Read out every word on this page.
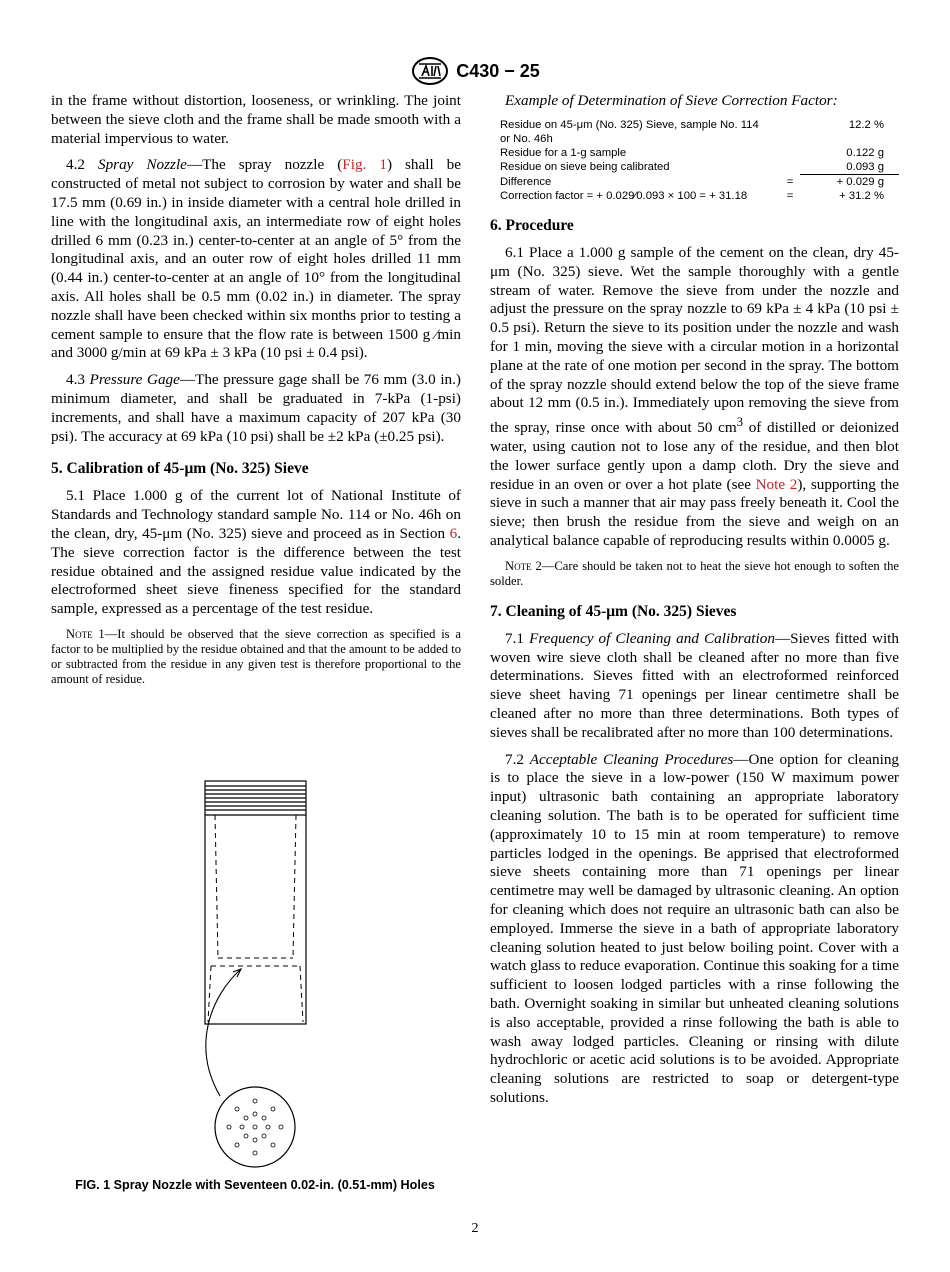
C430 − 25

in the frame without distortion, looseness, or wrinkling. The joint between the sieve cloth and the frame shall be made smooth with a material impervious to water.

4.2 Spray Nozzle—The spray nozzle (Fig. 1) shall be constructed of metal not subject to corrosion by water and shall be 17.5 mm (0.69 in.) in inside diameter with a central hole drilled in line with the longitudinal axis, an intermediate row of eight holes drilled 6 mm (0.23 in.) center-to-center at an angle of 5° from the longitudinal axis, and an outer row of eight holes drilled 11 mm (0.44 in.) center-to-center at an angle of 10° from the longitudinal axis. All holes shall be 0.5 mm (0.02 in.) in diameter. The spray nozzle shall have been checked within six months prior to testing a cement sample to ensure that the flow rate is between 1500 g ⁄min and 3000 g/min at 69 kPa ± 3 kPa (10 psi ± 0.4 psi).

4.3 Pressure Gage—The pressure gage shall be 76 mm (3.0 in.) minimum diameter, and shall be graduated in 7-kPa (1-psi) increments, and shall have a maximum capacity of 207 kPa (30 psi). The accuracy at 69 kPa (10 psi) shall be ±2 kPa (±0.25 psi).

5. Calibration of 45-μm (No. 325) Sieve

5.1 Place 1.000 g of the current lot of National Institute of Standards and Technology standard sample No. 114 or No. 46h on the clean, dry, 45-μm (No. 325) sieve and proceed as in Section 6. The sieve correction factor is the difference between the test residue obtained and the assigned residue value indicated by the electroformed sheet sieve fineness specified for the standard sample, expressed as a percentage of the test residue.

Note 1—It should be observed that the sieve correction as specified is a factor to be multiplied by the residue obtained and that the amount to be added to or subtracted from the residue in any given test is therefore proportional to the amount of residue.

FIG. 1 Spray Nozzle with Seventeen 0.02-in. (0.51-mm) Holes
Example of Determination of Sieve Correction Factor:
Residue on 45-μm (No. 325) Sieve, sample No. 114		12.2 %
or No. 46h		
Residue for a 1-g sample		0.122 g
Residue on sieve being calibrated		0.093 g
Difference	=	+ 0.029 g
Correction factor = + 0.029⁄0.093 × 100 = + 31.18	=	+ 31.2 %
6. Procedure

6.1 Place a 1.000 g sample of the cement on the clean, dry 45-μm (No. 325) sieve. Wet the sample thoroughly with a gentle stream of water. Remove the sieve from under the nozzle and adjust the pressure on the spray nozzle to 69 kPa ± 4 kPa (10 psi ± 0.5 psi). Return the sieve to its position under the nozzle and wash for 1 min, moving the sieve with a circular motion in a horizontal plane at the rate of one motion per second in the spray. The bottom of the spray nozzle should extend below the top of the sieve frame about 12 mm (0.5 in.). Immediately upon removing the sieve from the spray, rinse once with about 50 $cm^3$ of distilled or deionized water, using caution not to lose any of the residue, and then blot the lower surface gently upon a damp cloth. Dry the sieve and residue in an oven or over a hot plate (see Note 2), supporting the sieve in such a manner that air may pass freely beneath it. Cool the sieve; then brush the residue from the sieve and weigh on an analytical balance capable of reproducing results within 0.0005 g.

Note 2—Care should be taken not to heat the sieve hot enough to soften the solder.

7. Cleaning of 45-μm (No. 325) Sieves

7.1 Frequency of Cleaning and Calibration—Sieves fitted with woven wire sieve cloth shall be cleaned after no more than five determinations. Sieves fitted with an electroformed reinforced sieve sheet having 71 openings per linear centimetre shall be cleaned after no more than three determinations. Both types of sieves shall be recalibrated after no more than 100 determinations.

7.2 Acceptable Cleaning Procedures—One option for cleaning is to place the sieve in a low-power (150 W maximum power input) ultrasonic bath containing an appropriate laboratory cleaning solution. The bath is to be operated for sufficient time (approximately 10 to 15 min at room temperature) to remove particles lodged in the openings. Be apprised that electroformed sieve sheets containing more than 71 openings per linear centimetre may well be damaged by ultrasonic cleaning. An option for cleaning which does not require an ultrasonic bath can also be employed. Immerse the sieve in a bath of appropriate laboratory cleaning solution heated to just below boiling point. Cover with a watch glass to reduce evaporation. Continue this soaking for a time sufficient to loosen lodged particles with a rinse following the bath. Overnight soaking in similar but unheated cleaning solutions is also acceptable, provided a rinse following the bath is able to wash away lodged particles. Cleaning or rinsing with dilute hydrochloric or acetic acid solutions is to be avoided. Appropriate cleaning solutions are restricted to soap or detergent-type solutions.

2
